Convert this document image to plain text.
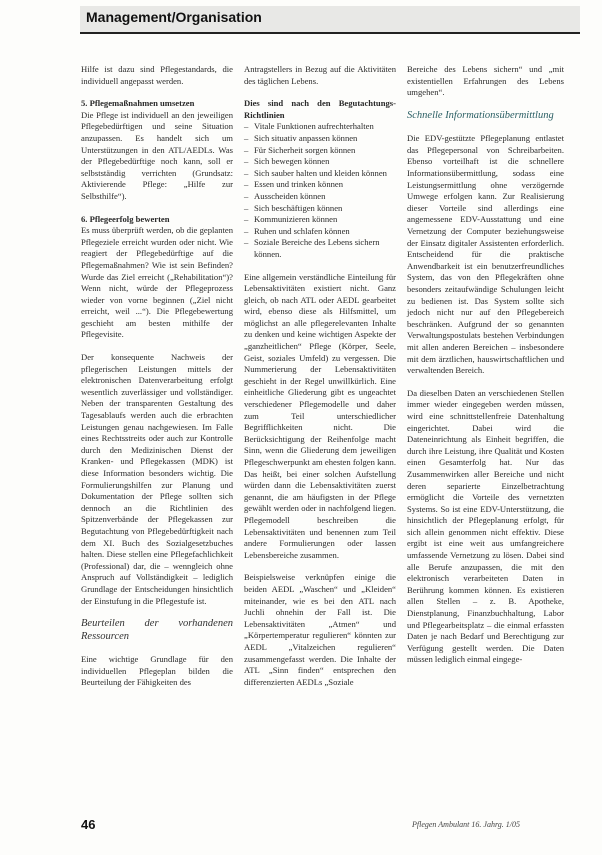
Management/Organisation
Hilfe ist dazu sind Pflegestandards, die individuell angepasst werden.
5. Pflegemaßnahmen umsetzen
Die Pflege ist individuell an den jeweiligen Pflegebedürftigen und seine Situation anzupassen. Es handelt sich um Unterstützungen in den ATL/AEDLs. Was der Pflegebedürftige noch kann, soll er selbstständig verrichten (Grundsatz: Aktivierende Pflege: „Hilfe zur Selbsthilfe“).
6. Pflegeerfolg bewerten
Es muss überprüft werden, ob die geplanten Pflegeziele erreicht wurden oder nicht. Wie reagiert der Pflegebedürftige auf die Pflegemaßnahmen? Wie ist sein Befinden? Wurde das Ziel erreicht („Rehabilitation“)? Wenn nicht, würde der Pflegeprozess wieder von vorne beginnen („Ziel nicht erreicht, weil ...“). Die Pflegebewertung geschieht am besten mithilfe der Pflegevisite.
Der konsequente Nachweis der pflegerischen Leistungen mittels der elektronischen Datenverarbeitung erfolgt wesentlich zuverlässiger und vollständiger. Neben der transparenten Gestaltung des Tagesablaufs werden auch die erbrachten Leistungen genau nachgewiesen. Im Falle eines Rechtsstreits oder auch zur Kontrolle durch den Medizinischen Dienst der Kranken- und Pflegekassen (MDK) ist diese Information besonders wichtig. Die Formulierungshilfen zur Planung und Dokumentation der Pflege sollten sich dennoch an die Richtlinien des Spitzenverbände der Pflegekassen zur Begutachtung von Pflegebedürftigkeit nach dem XI. Buch des Sozialgesetzbuches halten. Diese stellen eine Pflegefachlichkeit (Professional) dar, die – wenngleich ohne Anspruch auf Vollständigkeit – lediglich Grundlage der Entscheidungen hinsichtlich der Einstufung in die Pflegestufe ist.
Beurteilen der vorhandenen Ressourcen
Eine wichtige Grundlage für den individuellen Pflegeplan bilden die Beurteilung der Fähigkeiten des
Antragstellers in Bezug auf die Aktivitäten des täglichen Lebens.
Dies sind nach den Begutachtungs-Richtlinien
– Vitale Funktionen aufrechterhalten
– Sich situativ anpassen können
– Für Sicherheit sorgen können
– Sich bewegen können
– Sich sauber halten und kleiden können
– Essen und trinken können
– Ausscheiden können
– Sich beschäftigen können
– Kommunizieren können
– Ruhen und schlafen können
– Soziale Bereiche des Lebens sichern können.
Eine allgemein verständliche Einteilung für Lebensaktivitäten existiert nicht. Ganz gleich, ob nach ATL oder AEDL gearbeitet wird, ebenso diese als Hilfsmittel, um möglichst an alle pflegerelevanten Inhalte zu denken und keine wichtigen Aspekte der „ganzheitlichen“ Pflege (Körper, Seele, Geist, soziales Umfeld) zu vergessen. Die Nummerierung der Lebensaktivitäten geschieht in der Regel unwillkürlich. Eine einheitliche Gliederung gibt es ungeachtet verschiedener Pflegemodelle und daher zum Teil unterschiedlicher Begrifflichkeiten nicht. Die Berücksichtigung der Reihenfolge macht Sinn, wenn die Gliederung dem jeweiligen Pflegeschwerpunkt am ehesten folgen kann. Das heißt, bei einer solchen Aufstellung würden dann die Lebensaktivitäten zuerst genannt, die am häufigsten in der Pflege gewählt werden oder in nachfolgend liegen. Pflegemodell beschreiben die Lebensaktivitäten und benennen zum Teil andere Formulierungen oder lassen Lebensbereiche zusammen.
Beispielsweise verknüpfen einige die beiden AEDL „Waschen“ und „Kleiden“ miteinander, wie es bei den ATL nach Juchli ohnehin der Fall ist. Die Lebensaktivitäten „Atmen“ und „Körpertemperatur regulieren“ könnten zur AEDL „Vitalzeichen regulieren“ zusammengefasst werden. Die Inhalte der ATL „Sinn finden“ entsprechen den differenzierten AEDLs „Soziale
Bereiche des Lebens sichern“ und „mit existentiellen Erfahrungen des Lebens umgehen“.
Schnelle Informationsübermittlung
Die EDV-gestützte Pflegeplanung entlastet das Pflegepersonal von Schreibarbeiten. Ebenso vorteilhaft ist die schnellere Informationsübermittlung, sodass eine Leistungsermittlung ohne verzögernde Umwege erfolgen kann. Zur Realisierung dieser Vorteile sind allerdings eine angemessene EDV-Ausstattung und eine Vernetzung der Computer beziehungsweise der Einsatz digitaler Assistenten erforderlich. Entscheidend für die praktische Anwendbarkeit ist ein benutzerfreundliches System, das von den Pflegekräften ohne besonders zeitaufwändige Schulungen leicht zu bedienen ist. Das System sollte sich jedoch nicht nur auf den Pflegebereich beschränken. Aufgrund der so genannten Verwaltungspostulats bestehen Verbindungen mit allen anderen Bereichen – insbesondere mit dem ärztlichen, hauswirtschaftlichen und verwaltenden Bereich.
Da dieselben Daten an verschiedenen Stellen immer wieder eingegeben werden müssen, wird eine schnittstellenfreie Datenhaltung eingerichtet. Dabei wird die Dateneinrichtung als Einheit begriffen, die durch ihre Leistung, ihre Qualität und Kosten einen Gesamterfolg hat. Nur das Zusammenwirken aller Bereiche und nicht deren separierte Einzelbetrachtung ermöglicht die Vorteile des vernetzten Systems. So ist eine EDV-Unterstützung, die hinsichtlich der Pflegeplanung erfolgt, für sich allein genommen nicht effektiv. Diese ergibt ist eine weit aus umfangreichere umfassende Vernetzung zu lösen. Dabei sind alle Berufe anzupassen, die mit den elektronisch verarbeiteten Daten in Berührung kommen können. Es existieren allen Stellen – z. B. Apotheke, Dienstplanung, Finanzbuchhaltung, Labor und Pflegearbeitsplatz – die einmal erfassten Daten je nach Bedarf und Berechtigung zur Verfügung gestellt werden. Die Daten müssen lediglich einmal eingege-
46	Pflegen Ambulant 16. Jahrg. 1/05
